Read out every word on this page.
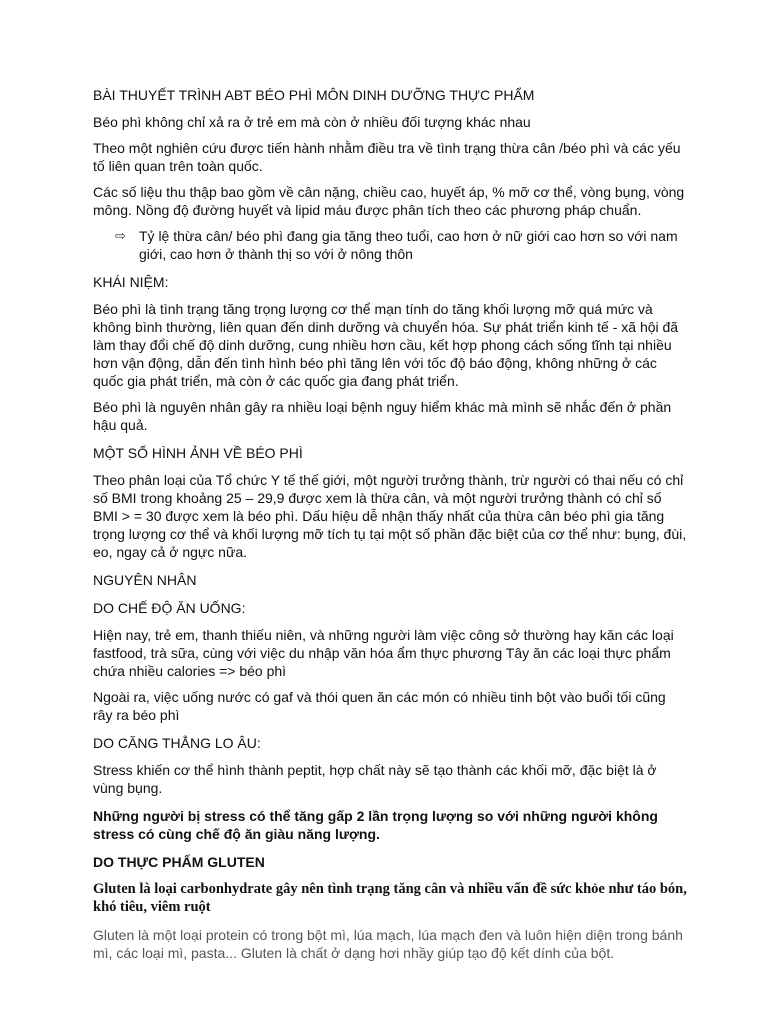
BÀI THUYẾT TRÌNH ABT BÉO PHÌ MÔN DINH DƯỠNG THỰC PHẨM

Béo phì không chỉ xả ra ở trẻ em mà còn ở nhiều đối tượng khác nhau

Theo một nghiên cứu được tiến hành nhằm điều tra về tình trạng thừa cân /béo phì và các yếu tố liên quan trên toàn quốc.

Các số liệu thu thập bao gồm về cân nặng, chiều cao, huyết áp, % mỡ cơ thể, vòng bụng, vòng mông. Nồng độ đường huyết và lipid máu được phân tích theo các phương pháp chuẩn.

⇨ Tỷ lệ thừa cân/ béo phì đang gia tăng theo tuổi, cao hơn ở nữ giới cao hơn so với nam giới, cao hơn ở thành thị so với ở nông thôn

KHÁI NIỆM:

Béo phì là tình trạng tăng trọng lượng cơ thể mạn tính do tăng khối lượng mỡ quá mức và không bình thường, liên quan đến dinh dưỡng và chuyển hóa. Sự phát triển kinh tế - xã hội đã làm thay đổi chế độ dinh dưỡng, cung nhiều hơn cầu, kết hợp phong cách sống tĩnh tại nhiều hơn vận động, dẫn đến tình hình béo phì tăng lên với tốc độ báo động, không những ở các quốc gia phát triển, mà còn ở các quốc gia đang phát triển.

Béo phì là nguyên nhân gây ra nhiều loại bệnh nguy hiểm khác mà mình sẽ nhắc đến ở phần hậu quả.

MỘT SỐ HÌNH ẢNH VỀ BÉO PHÌ

Theo phân loại của Tổ chức Y tế thế giới, một người trưởng thành, trừ người có thai nếu có chỉ số BMI trong khoảng 25 – 29,9 được xem là thừa cân, và một người trưởng thành có chỉ số BMI > = 30 được xem là béo phì. Dấu hiệu dễ nhận thấy nhất của thừa cân béo phì gia tăng trọng lượng cơ thể và khối lượng mỡ tích tụ tại một số phần đặc biệt của cơ thể như: bụng, đùi, eo, ngay cả ở ngực nữa.

NGUYÊN NHÂN

DO CHẾ ĐỘ ĂN UỐNG:

Hiện nay, trẻ em, thanh thiếu niên, và những người làm việc công sở thường hay kăn các loại fastfood, trà sữa, cùng với việc du nhập văn hóa ẩm thực phương Tây ăn các loại thực phẩm chứa nhiều calories => béo phì

Ngoài ra, việc uống nước có gaf và thói quen ăn các món có nhiều tinh bột vào buổi tối cũng rây ra béo phì

DO CĂNG THẲNG LO ÂU:

Stress khiến cơ thể hình thành peptit, hợp chất này sẽ tạo thành các khối mỡ, đặc biệt là ở vùng bụng.

Những người bị stress có thể tăng gấp 2 lần trọng lượng so với những người không stress có cùng chế độ ăn giàu năng lượng.

DO THỰC PHẨM GLUTEN

Gluten là loại carbonhydrate gây nên tình trạng tăng cân và nhiều vấn đề sức khỏe như táo bón, khó tiêu, viêm ruột

Gluten là một loại protein có trong bột mì, lúa mạch, lúa mạch đen và luôn hiện diện trong bánh mì, các loại mì, pasta... Gluten là chất ở dạng hơi nhầy giúp tạo độ kết dính của bột.
